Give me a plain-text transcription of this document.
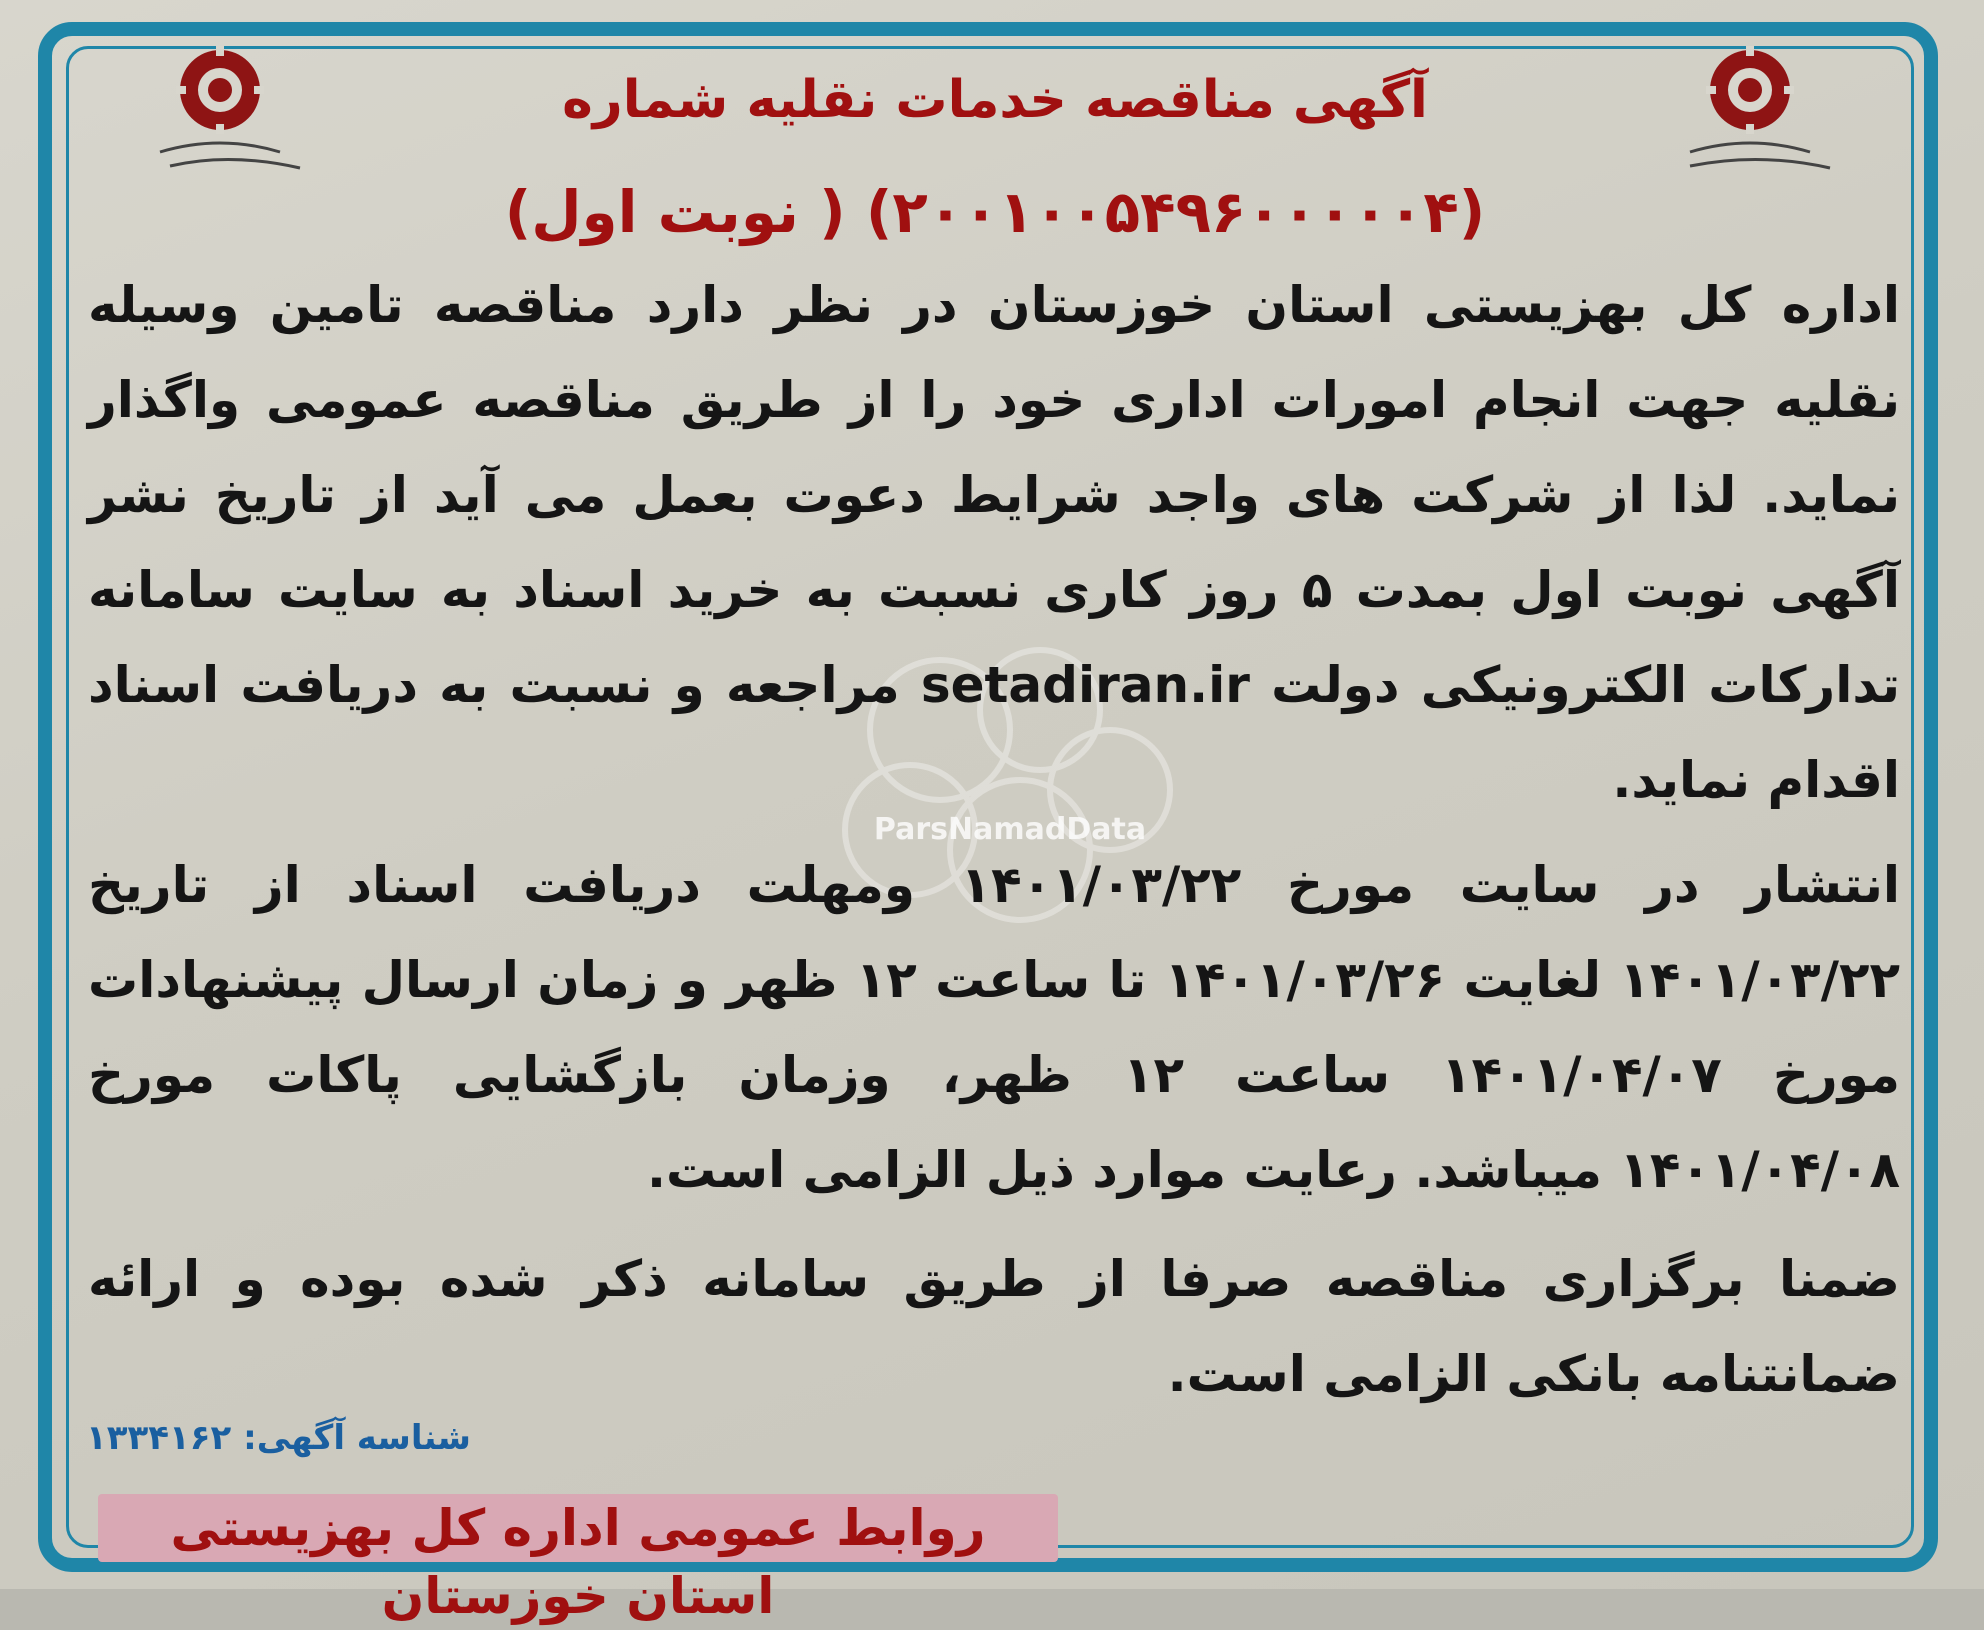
آگهی مناقصه خدمات نقلیه شماره
(۲۰۰۱۰۰۵۴۹۶۰۰۰۰۰۴) ( نوبت اول)
ParsNamadData

اداره کل بهزیستی استان خوزستان در نظر دارد مناقصه تامین وسیله نقلیه جهت انجام امورات اداری خود را از طریق مناقصه عمومی واگذار نماید. لذا از شرکت های واجد شرایط دعوت بعمل می آید از تاریخ نشر آگهی نوبت اول بمدت ۵ روز کاری نسبت به خرید اسناد به سایت سامانه تدارکات الکترونیکی دولت setadiran.ir مراجعه و نسبت به دریافت اسناد اقدام نماید.

انتشار در سایت مورخ ۱۴۰۱/۰۳/۲۲ ومهلت دریافت اسناد از تاریخ ۱۴۰۱/۰۳/۲۲ لغایت ۱۴۰۱/۰۳/۲۶ تا ساعت ۱۲ ظهر و زمان ارسال پیشنهادات مورخ ۱۴۰۱/۰۴/۰۷ ساعت ۱۲ ظهر، وزمان بازگشایی پاکات مورخ ۱۴۰۱/۰۴/۰۸ میباشد. رعایت موارد ذیل الزامی است.

ضمنا برگزاری مناقصه صرفا از طریق سامانه ذکر شده بوده و ارائه ضمانتنامه بانکی الزامی است.

شناسه آگهی: ۱۳۳۴۱۶۲
روابط عمومی اداره کل بهزیستی استان خوزستان
